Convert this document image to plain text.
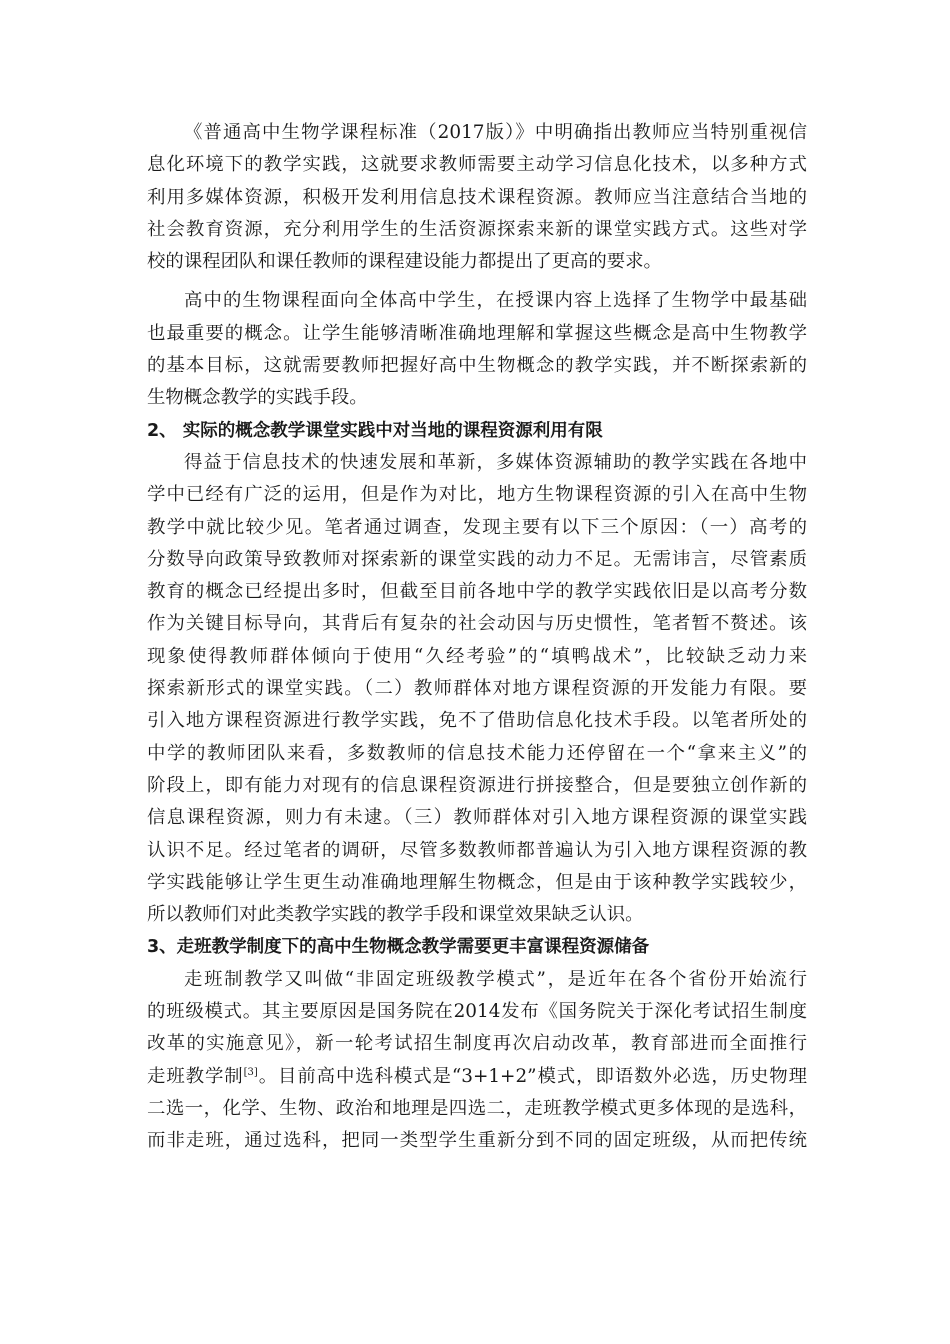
《普通高中生物学课程标准（2017版）》中明确指出教师应当特别重视信
息化环境下的教学实践，这就要求教师需要主动学习信息化技术，以多种方式
利用多媒体资源，积极开发利用信息技术课程资源。教师应当注意结合当地的
社会教育资源，充分利用学生的生活资源探索来新的课堂实践方式。这些对学
校的课程团队和课任教师的课程建设能力都提出了更高的要求。
高中的生物课程面向全体高中学生，在授课内容上选择了生物学中最基础
也最重要的概念。让学生能够清晰准确地理解和掌握这些概念是高中生物教学
的基本目标，这就需要教师把握好高中生物概念的教学实践，并不断探索新的
生物概念教学的实践手段。
2、 实际的概念教学课堂实践中对当地的课程资源利用有限
得益于信息技术的快速发展和革新，多媒体资源辅助的教学实践在各地中
学中已经有广泛的运用，但是作为对比，地方生物课程资源的引入在高中生物
教学中就比较少见。笔者通过调查，发现主要有以下三个原因：（一）高考的
分数导向政策导致教师对探索新的课堂实践的动力不足。无需讳言，尽管素质
教育的概念已经提出多时，但截至目前各地中学的教学实践依旧是以高考分数
作为关键目标导向，其背后有复杂的社会动因与历史惯性，笔者暂不赘述。该
现象使得教师群体倾向于使用“久经考验”的“填鸭战术”，比较缺乏动力来
探索新形式的课堂实践。（二）教师群体对地方课程资源的开发能力有限。要
引入地方课程资源进行教学实践，免不了借助信息化技术手段。以笔者所处的
中学的教师团队来看，多数教师的信息技术能力还停留在一个“拿来主义”的
阶段上，即有能力对现有的信息课程资源进行拼接整合，但是要独立创作新的
信息课程资源，则力有未逮。（三）教师群体对引入地方课程资源的课堂实践
认识不足。经过笔者的调研，尽管多数教师都普遍认为引入地方课程资源的教
学实践能够让学生更生动准确地理解生物概念，但是由于该种教学实践较少，
所以教师们对此类教学实践的教学手段和课堂效果缺乏认识。
3、走班教学制度下的高中生物概念教学需要更丰富课程资源储备
走班制教学又叫做“非固定班级教学模式”，是近年在各个省份开始流行
的班级模式。其主要原因是国务院在2014发布《国务院关于深化考试招生制度
改革的实施意见》，新一轮考试招生制度再次启动改革，教育部进而全面推行
走班教学制[3]。目前高中选科模式是“3+1+2”模式，即语数外必选，历史物理
二选一，化学、生物、政治和地理是四选二，走班教学模式更多体现的是选科，
而非走班，通过选科，把同一类型学生重新分到不同的固定班级，从而把传统
